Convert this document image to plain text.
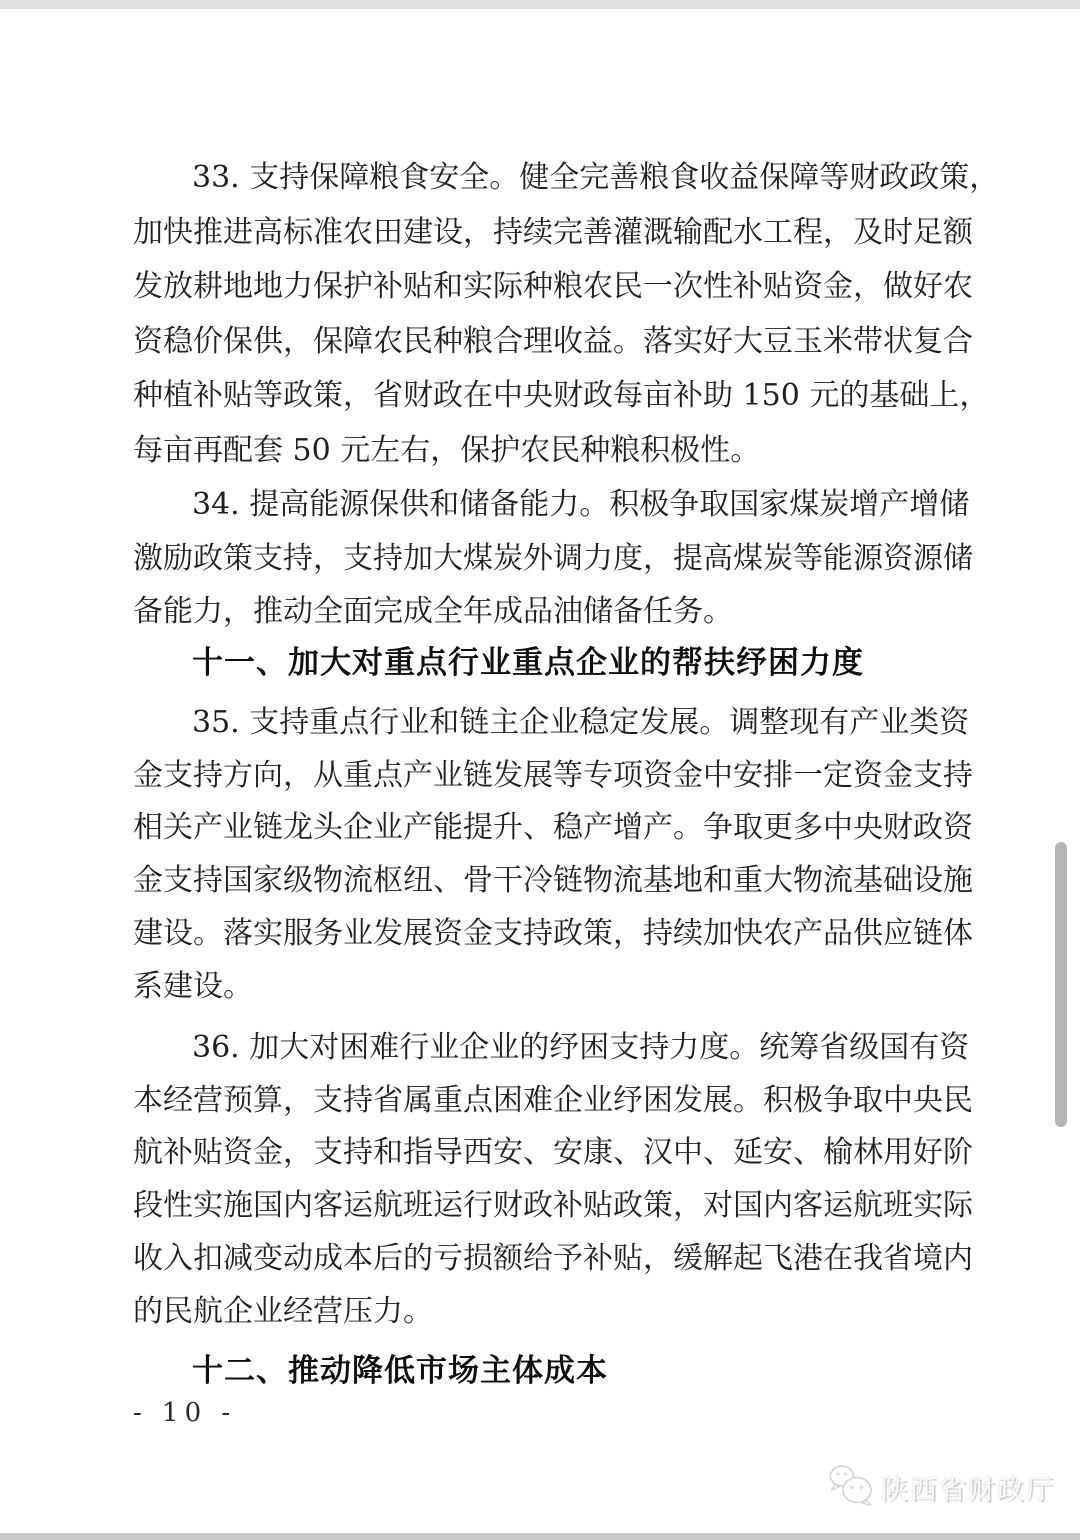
33. 支持保障粮食安全。健全完善粮食收益保障等财政政策，
加快推进高标准农田建设，持续完善灌溉输配水工程，及时足额
发放耕地地力保护补贴和实际种粮农民一次性补贴资金，做好农
资稳价保供，保障农民种粮合理收益。落实好大豆玉米带状复合
种植补贴等政策，省财政在中央财政每亩补助 150 元的基础上，
每亩再配套 50 元左右，保护农民种粮积极性。
34. 提高能源保供和储备能力。积极争取国家煤炭增产增储
激励政策支持，支持加大煤炭外调力度，提高煤炭等能源资源储
备能力，推动全面完成全年成品油储备任务。
十一、加大对重点行业重点企业的帮扶纾困力度
35. 支持重点行业和链主企业稳定发展。调整现有产业类资
金支持方向，从重点产业链发展等专项资金中安排一定资金支持
相关产业链龙头企业产能提升、稳产增产。争取更多中央财政资
金支持国家级物流枢纽、骨干冷链物流基地和重大物流基础设施
建设。落实服务业发展资金支持政策，持续加快农产品供应链体
系建设。
36. 加大对困难行业企业的纾困支持力度。统筹省级国有资
本经营预算，支持省属重点困难企业纾困发展。积极争取中央民
航补贴资金，支持和指导西安、安康、汉中、延安、榆林用好阶
段性实施国内客运航班运行财政补贴政策，对国内客运航班实际
收入扣减变动成本后的亏损额给予补贴，缓解起飞港在我省境内
的民航企业经营压力。
十二、推动降低市场主体成本
- 10 -
陕西省财政厅
